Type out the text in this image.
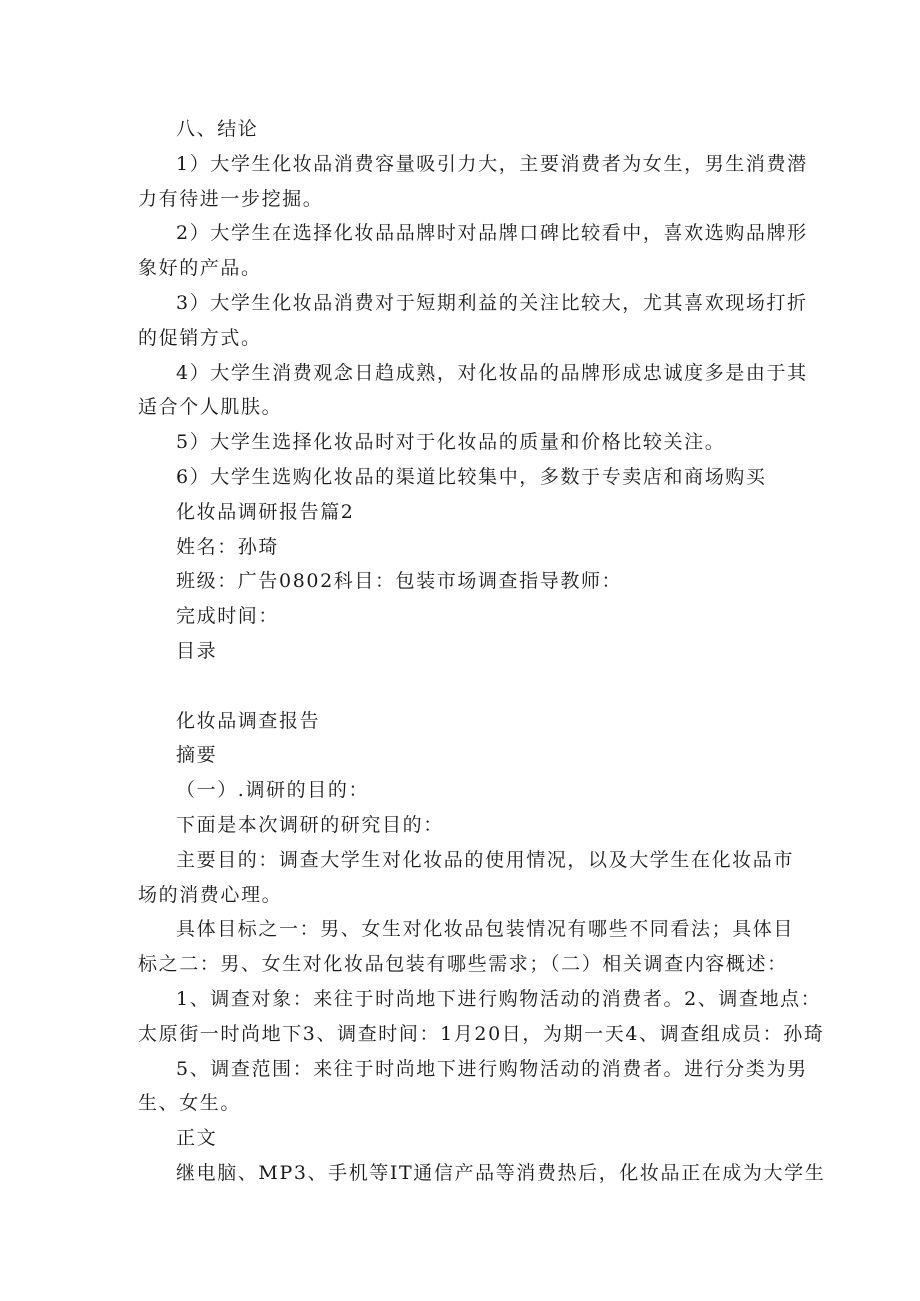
八、结论
1）大学生化妆品消费容量吸引力大，主要消费者为女生，男生消费潜
力有待进一步挖掘。
2）大学生在选择化妆品品牌时对品牌口碑比较看中，喜欢选购品牌形
象好的产品。
3）大学生化妆品消费对于短期利益的关注比较大，尤其喜欢现场打折
的促销方式。
4）大学生消费观念日趋成熟，对化妆品的品牌形成忠诚度多是由于其
适合个人肌肤。
5）大学生选择化妆品时对于化妆品的质量和价格比较关注。
6）大学生选购化妆品的渠道比较集中，多数于专卖店和商场购买
化妆品调研报告篇2
姓名：孙琦
班级：广告0802科目：包装市场调查指导教师：
完成时间：
目录
化妆品调查报告
摘要
（一）.调研的目的：
下面是本次调研的研究目的：
主要目的：调查大学生对化妆品的使用情况，以及大学生在化妆品市
场的消费心理。
具体目标之一：男、女生对化妆品包装情况有哪些不同看法；具体目
标之二：男、女生对化妆品包装有哪些需求；（二）相关调查内容概述：
1、调查对象：来往于时尚地下进行购物活动的消费者。2、调查地点：
太原街一时尚地下3、调查时间：1月20日，为期一天4、调查组成员：孙琦
5、调查范围：来往于时尚地下进行购物活动的消费者。进行分类为男
生、女生。
正文
继电脑、MP3、手机等IT通信产品等消费热后，化妆品正在成为大学生
